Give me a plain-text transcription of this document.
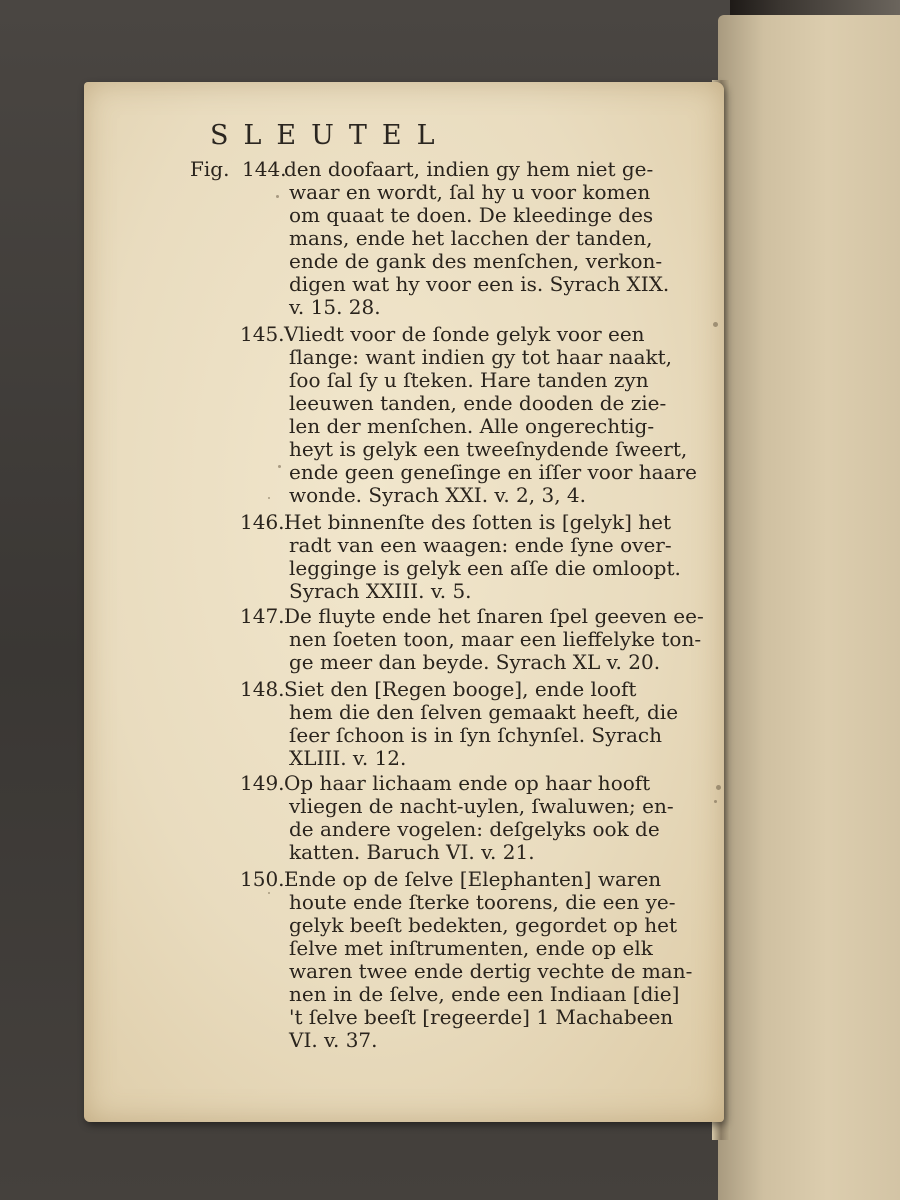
SLEUTEL
Fig. 144.
den doofaart, indien gy hem niet ge-
waar en wordt, ſal hy u voor komen
om quaat te doen. De kleedinge des
mans, ende het lacchen der tanden,
ende de gank des menſchen, verkon-
digen wat hy voor een is. Syrach XIX.
v. 15. 28.
145. Vliedt voor de ſonde gelyk voor een
ſlange: want indien gy tot haar naakt,
ſoo ſal ſy u ſteken. Hare tanden zyn
leeuwen tanden, ende dooden de zie-
len der menſchen. Alle ongerechtig-
heyt is gelyk een tweeſnydende ſweert,
ende geen geneſinge en iſſer voor haare
wonde. Syrach XXI. v. 2, 3, 4.
146. Het binnenſte des ſotten is [gelyk] het
radt van een waagen: ende ſyne over-
legginge is gelyk een aſſe die omloopt.
Syrach XXIII. v. 5.
147. De fluyte ende het ſnaren ſpel geeven ee-
nen ſoeten toon, maar een lieffelyke ton-
ge meer dan beyde. Syrach XL v. 20.
148. Siet den [Regen booge], ende looft
hem die den ſelven gemaakt heeft, die
ſeer ſchoon is in ſyn ſchynſel. Syrach
XLIII. v. 12.
149. Op haar lichaam ende op haar hooft
vliegen de nacht-uylen, ſwaluwen; en-
de andere vogelen: deſgelyks ook de
katten. Baruch VI. v. 21.
150. Ende op de ſelve [Elephanten] waren
houte ende ſterke toorens, die een ye-
gelyk beeſt bedekten, gegordet op het
ſelve met inſtrumenten, ende op elk
waren twee ende dertig vechte de man-
nen in de ſelve, ende een Indiaan [die]
't ſelve beeſt [regeerde] 1 Machabeen
VI. v. 37.
